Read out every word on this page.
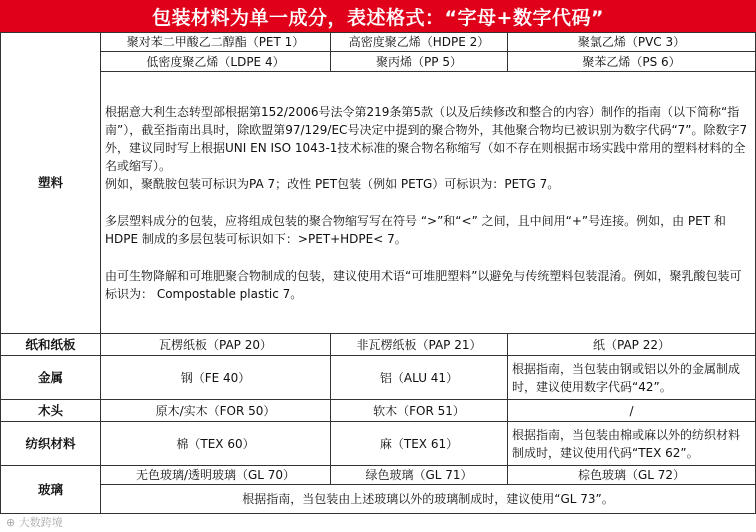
包装材料为单一成分，表述格式：“字母+数字代码”
塑料	聚对苯二甲酸乙二醇酯（PET 1）	高密度聚乙烯（HDPE 2）	聚氯乙烯（PVC 3）
	低密度聚乙烯（LDPE 4）	聚丙烯（PP 5）	聚苯乙烯（PS 6）

	根据意大利生态转型部根据第152/2006号法令第219条第5款（以及后续修改和整合的内容）制作的指南（以下简称“指南”），截至指南出具时，除欧盟第97/129/EC号决定中提到的聚合物外，其他聚合物均已被识别为数字代码“7”。除数字7外，建议同时写上根据UNI EN ISO 1043-1技术标准的聚合物名称缩写（如不存在则根据市场实践中常用的塑料材料的全名或缩写）。

例如，聚酰胺包装可标识为PA 7；改性 PET包装（例如 PETG）可标识为：PETG 7。

多层塑料成分的包装，应将组成包装的聚合物缩写写在符号 “>”和“<” 之间，且中间用“+”号连接。例如，由 PET 和 HDPE 制成的多层包装可标识如下：>PET+HDPE< 7。

由可生物降解和可堆肥聚合物制成的包装，建议使用术语“可堆肥塑料”以避免与传统塑料包装混淆。例如，聚乳酸包装可标识为： Compostable plastic 7。		

纸和纸板	瓦楞纸板（PAP 20）	非瓦楞纸板（PAP 21）	纸（PAP 22）
金属	钢（FE 40）	铝（ALU 41）	根据指南，当包装由钢或铝以外的金属制成时，建议使用数字代码“42”。
木头	原木/实木（FOR 50）	软木（FOR 51）	/
纺织材料	棉（TEX 60）	麻（TEX 61）	根据指南，当包装由棉或麻以外的纺织材料制成时，建议使用代码“TEX 62”。
玻璃	无色玻璃/透明玻璃（GL 70）	绿色玻璃（GL 71）	棕色玻璃（GL 72）
	根据指南，当包装由上述玻璃以外的玻璃制成时，建议使用“GL 73”。		
⊕ 大数跨境
